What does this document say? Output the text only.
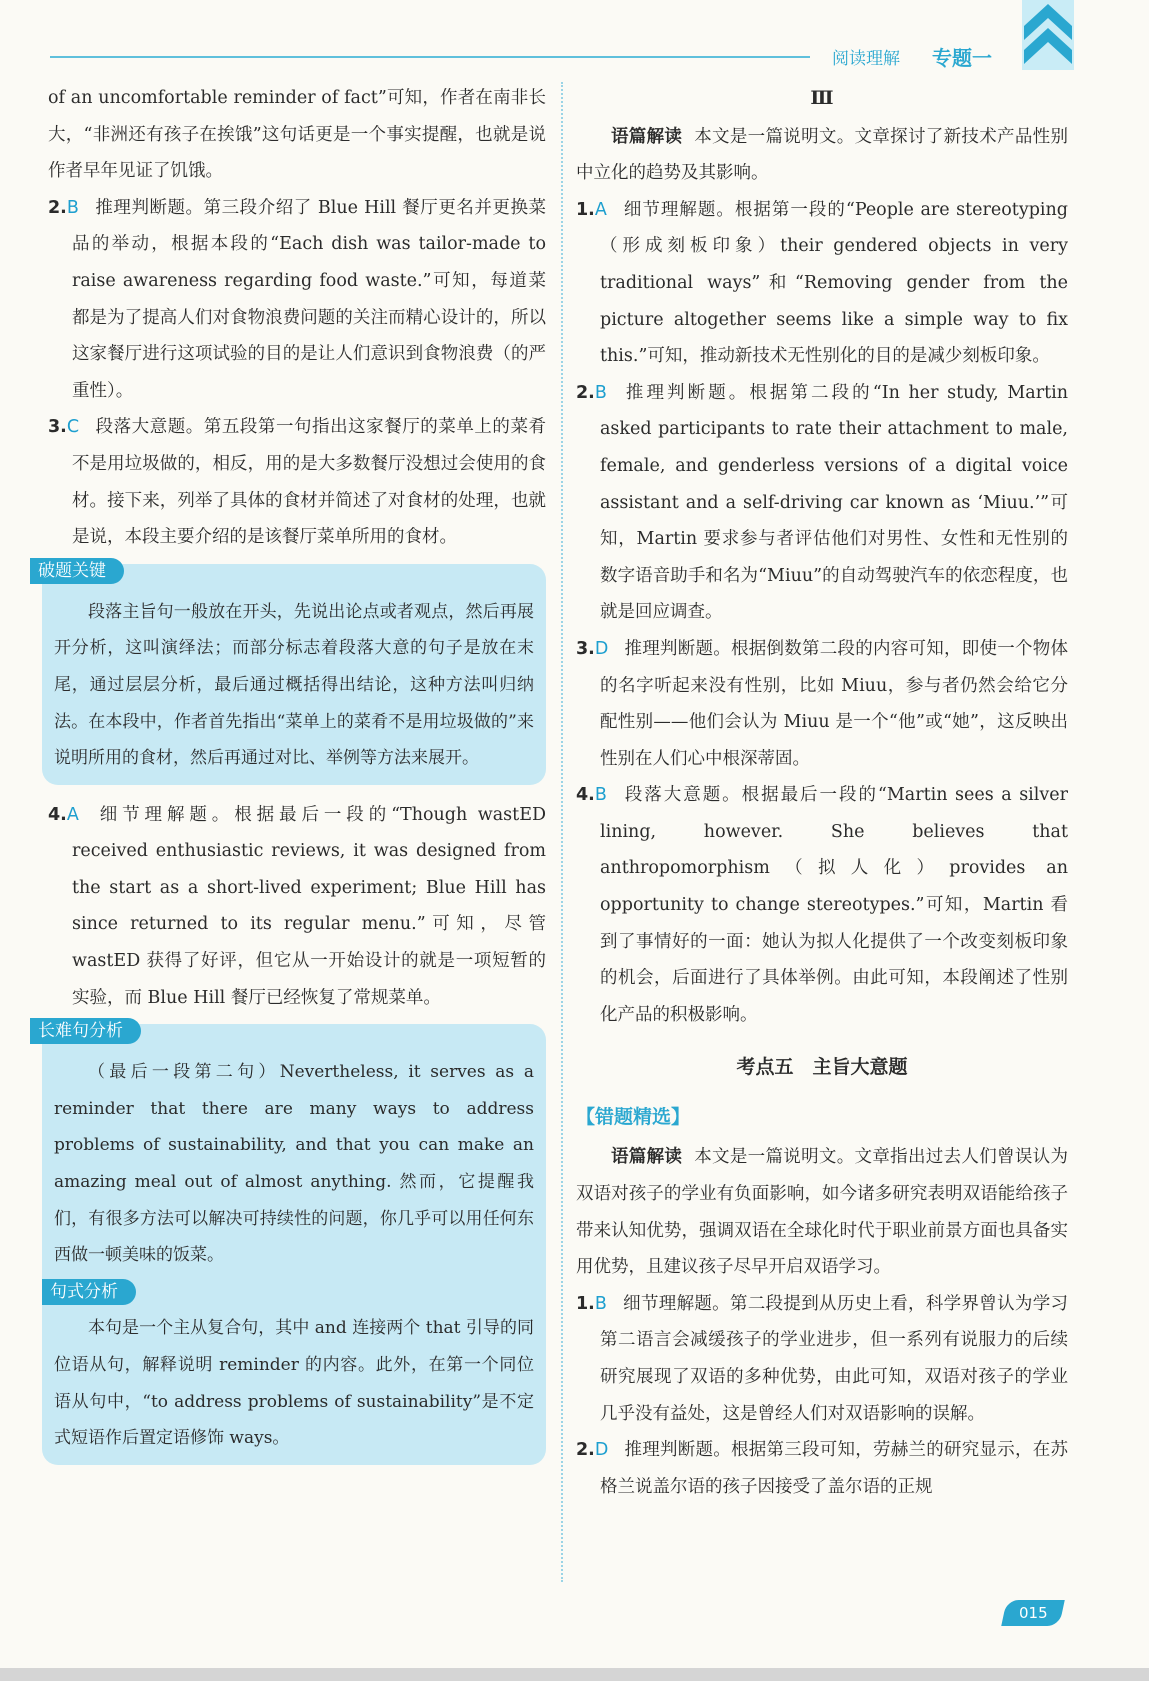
阅读理解 专题一

of an uncomfortable reminder of fact”可知，作者在南非长大，“非洲还有孩子在挨饿”这句话更是一个事实提醒，也就是说作者早年见证了饥饿。

2.B 推理判断题。第三段介绍了 Blue Hill 餐厅更名并更换菜品的举动，根据本段的“Each dish was tailor-made to raise awareness regarding food waste.”可知，每道菜都是为了提高人们对食物浪费问题的关注而精心设计的，所以这家餐厅进行这项试验的目的是让人们意识到食物浪费（的严重性）。

3.C 段落大意题。第五段第一句指出这家餐厅的菜单上的菜肴不是用垃圾做的，相反，用的是大多数餐厅没想过会使用的食材。接下来，列举了具体的食材并简述了对食材的处理，也就是说，本段主要介绍的是该餐厅菜单所用的食材。

破题关键

段落主旨句一般放在开头，先说出论点或者观点，然后再展开分析，这叫演绎法；而部分标志着段落大意的句子是放在末尾，通过层层分析，最后通过概括得出结论，这种方法叫归纳法。在本段中，作者首先指出“菜单上的菜肴不是用垃圾做的”来说明所用的食材，然后再通过对比、举例等方法来展开。

4.A 细节理解题。根据最后一段的“Though wastED received enthusiastic reviews, it was designed from the start as a short-lived experiment; Blue Hill has since returned to its regular menu.”可知，尽管 wastED 获得了好评，但它从一开始设计的就是一项短暂的实验，而 Blue Hill 餐厅已经恢复了常规菜单。

长难句分析

（最后一段第二句）Nevertheless, it serves as a reminder that there are many ways to address problems of sustainability, and that you can make an amazing meal out of almost anything. 然而，它提醒我们，有很多方法可以解决可持续性的问题，你几乎可以用任何东西做一顿美味的饭菜。

句式分析

本句是一个主从复合句，其中 and 连接两个 that 引导的同位语从句，解释说明 reminder 的内容。此外，在第一个同位语从句中，“to address problems of sustainability”是不定式短语作后置定语修饰 ways。

Ⅲ

语篇解读 本文是一篇说明文。文章探讨了新技术产品性别中立化的趋势及其影响。

1.A 细节理解题。根据第一段的“People are stereotyping（形成刻板印象）their gendered objects in very traditional ways”和“Removing gender from the picture altogether seems like a simple way to fix this.”可知，推动新技术无性别化的目的是减少刻板印象。

2.B 推理判断题。根据第二段的“In her study, Martin asked participants to rate their attachment to male, female, and genderless versions of a digital voice assistant and a self-driving car known as ‘Miuu.’”可知，Martin 要求参与者评估他们对男性、女性和无性别的数字语音助手和名为“Miuu”的自动驾驶汽车的依恋程度，也就是回应调查。

3.D 推理判断题。根据倒数第二段的内容可知，即使一个物体的名字听起来没有性别，比如 Miuu，参与者仍然会给它分配性别——他们会认为 Miuu 是一个“他”或“她”，这反映出性别在人们心中根深蒂固。

4.B 段落大意题。根据最后一段的“Martin sees a silver lining, however. She believes that anthropomorphism（拟人化）provides an opportunity to change stereotypes.”可知，Martin 看到了事情好的一面：她认为拟人化提供了一个改变刻板印象的机会，后面进行了具体举例。由此可知，本段阐述了性别化产品的积极影响。

考点五　主旨大意题
【错题精选】

语篇解读 本文是一篇说明文。文章指出过去人们曾误认为双语对孩子的学业有负面影响，如今诸多研究表明双语能给孩子带来认知优势，强调双语在全球化时代于职业前景方面也具备实用优势，且建议孩子尽早开启双语学习。

1.B 细节理解题。第二段提到从历史上看，科学界曾认为学习第二语言会减缓孩子的学业进步，但一系列有说服力的后续研究展现了双语的多种优势，由此可知，双语对孩子的学业几乎没有益处，这是曾经人们对双语影响的误解。

2.D 推理判断题。根据第三段可知，劳赫兰的研究显示，在苏格兰说盖尔语的孩子因接受了盖尔语的正规

015
